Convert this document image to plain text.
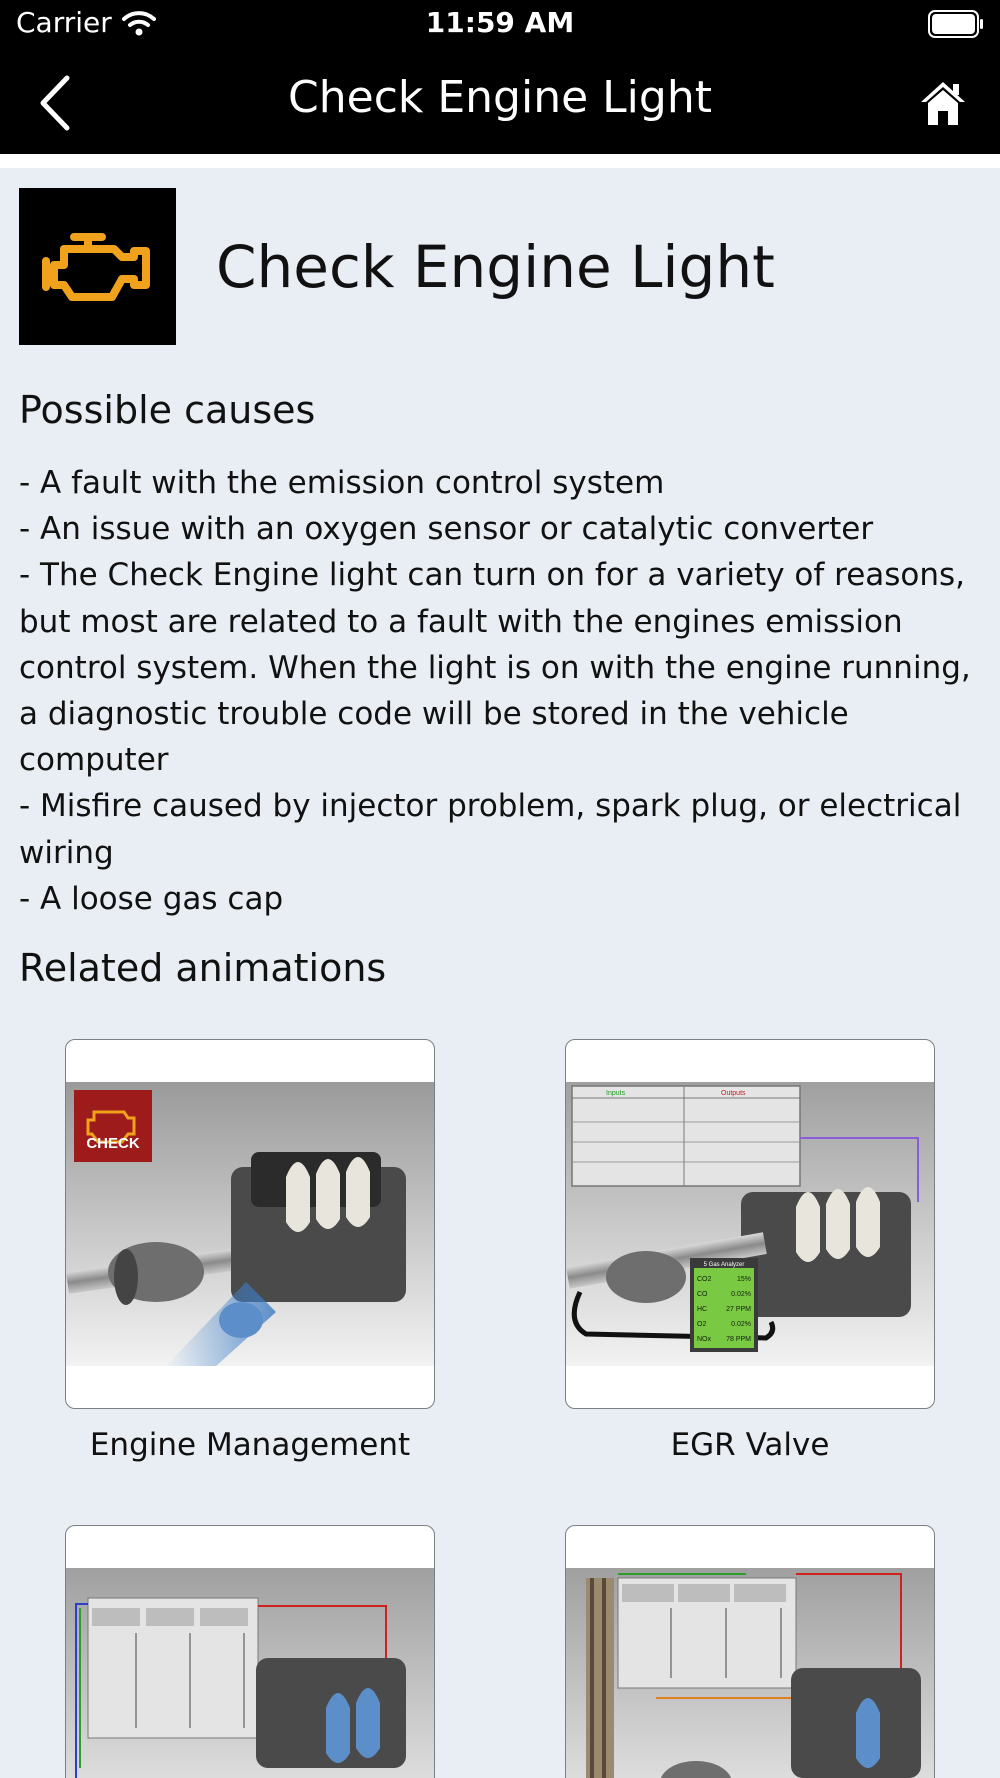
Carrier	11:59 AM
Check Engine Light
Check Engine Light
Possible causes
- A fault with the emission control system
- An issue with an oxygen sensor or catalytic converter
- The Check Engine light can turn on for a variety of reasons, but most are related to a fault with the engines emission control system. When the light is on with the engine running, a diagnostic trouble code will be stored in the vehicle computer
- Misfire caused by injector problem, spark plug, or electrical wiring
- A loose gas cap
Related animations
CHECK
Engine Management
Inputs	Outputs
5 Gas Analyzer
CO2	15%
CO	0.02%
HC	27 PPM
O2	0.02%
NOx 78 PPM
EGR Valve
